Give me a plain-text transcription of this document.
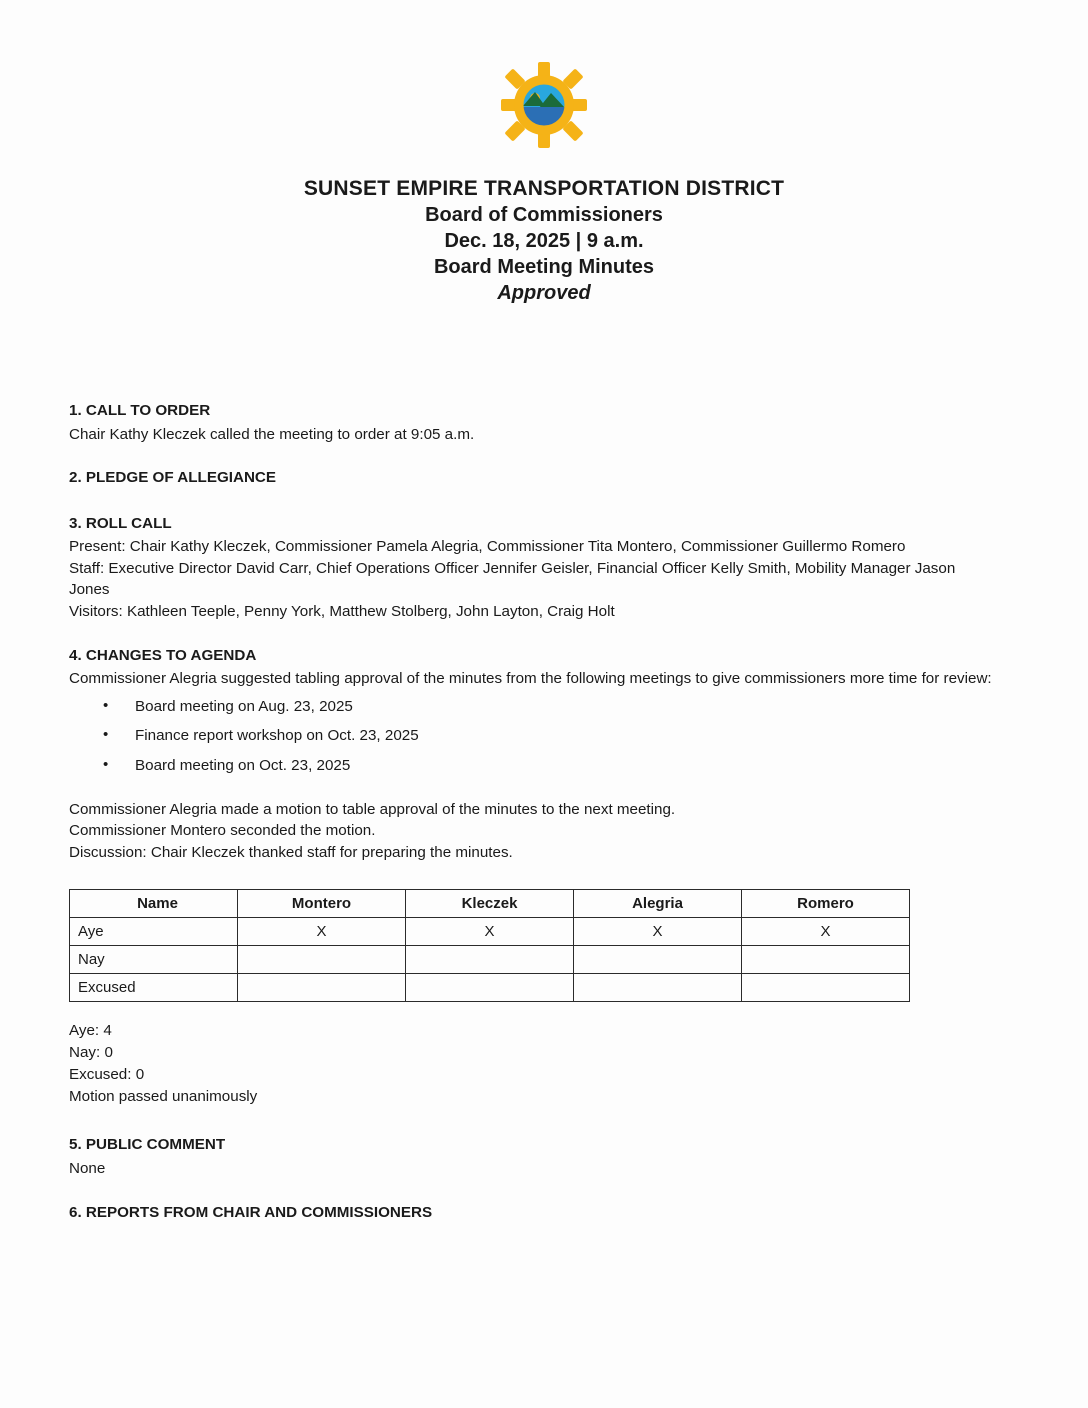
SUNSET EMPIRE TRANSPORTATION DISTRICT
Board of Commissioners
Dec. 18, 2025 | 9 a.m.
Board Meeting Minutes
Approved
1. CALL TO ORDER

Chair Kathy Kleczek called the meeting to order at 9:05 a.m.

2. PLEDGE OF ALLEGIANCE
3. ROLL CALL

Present: Chair Kathy Kleczek, Commissioner Pamela Alegria, Commissioner Tita Montero, Commissioner Guillermo Romero

Staff: Executive Director David Carr, Chief Operations Officer Jennifer Geisler, Financial Officer Kelly Smith, Mobility Manager Jason Jones

Visitors: Kathleen Teeple, Penny York, Matthew Stolberg, John Layton, Craig Holt

4. CHANGES TO AGENDA

Commissioner Alegria suggested tabling approval of the minutes from the following meetings to give commissioners more time for review:

• Board meeting on Aug. 23, 2025
• Finance report workshop on Oct. 23, 2025
• Board meeting on Oct. 23, 2025

Commissioner Alegria made a motion to table approval of the minutes to the next meeting.

Commissioner Montero seconded the motion.

Discussion: Chair Kleczek thanked staff for preparing the minutes.

Name	Montero	Kleczek	Alegria	Romero
Aye	X	X	X	X
Nay				
Excused				
Aye: 4
Nay: 0
Excused: 0
Motion passed unanimously
5. PUBLIC COMMENT

None

6. REPORTS FROM CHAIR AND COMMISSIONERS
